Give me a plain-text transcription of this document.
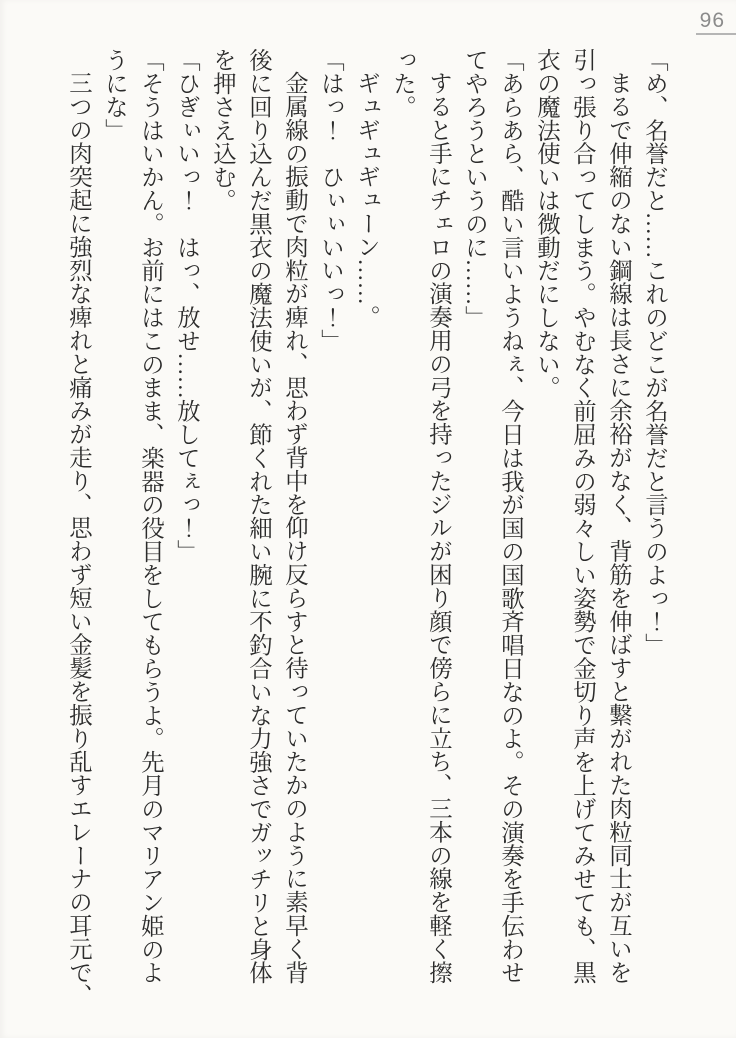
96

「め、名誉だと……これのどこが名誉だと言うのよっ！」

まるで伸縮のない鋼線は長さに余裕がなく、背筋を伸ばすと繋がれた肉粒同士が互いを
引っ張り合ってしまう。やむなく前屈みの弱々しい姿勢で金切り声を上げてみせても、黒
衣の魔法使いは微動だにしない。

「あらあら、酷い言いようねぇ、今日は我が国の国歌斉唱日なのよ。その演奏を手伝わせ
てやろうというのに……」

すると手にチェロの演奏用の弓を持ったジルが困り顔で傍らに立ち、三本の線を軽く擦
った。

ギュギュギューン……。

「はっ！　ひぃぃいいっ！」

金属線の振動で肉粒が痺れ、思わず背中を仰け反らすと待っていたかのように素早く背
後に回り込んだ黒衣の魔法使いが、節くれた細い腕に不釣合いな力強さでガッチリと身体
を押さえ込む。

「ひぎぃいっ！　はっ、放せ……放してぇっ！」

「そうはいかん。お前にはこのまま、楽器の役目をしてもらうよ。先月のマリアン姫のよ
うにな」

三つの肉突起に強烈な痺れと痛みが走り、思わず短い金髪を振り乱すエレーナの耳元で、
